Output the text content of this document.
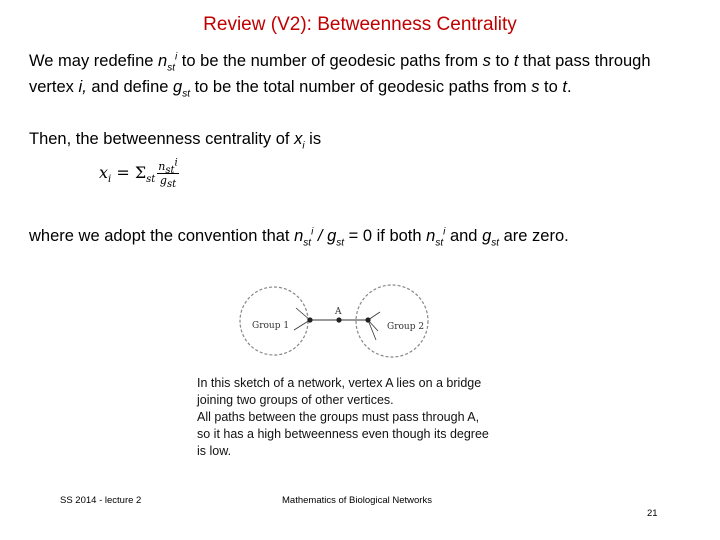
Review (V2): Betweenness Centrality
We may redefine $n_{st}^i$ to be the number of geodesic paths from s to t that pass through
vertex i, and define $g_{st}$ to be the total number of geodesic paths from s to t.
Then, the betweenness centrality of $x_i$ is
$x_i = \Sigma_{st} \frac{n_{st}^i}{g_{st}}$
where we adopt the convention that $n_{st}^i / g_{st} = 0$ if both $n_{st}^i$ and $g_{st}$ are zero.
Group 1	Group 2
A
In this sketch of a network, vertex A lies on a bridge
joining two groups of other vertices.
All paths between the groups must pass through A,
so it has a high betweenness even though its degree
is low.
SS 2014 - lecture 2	Mathematics of Biological Networks
21
